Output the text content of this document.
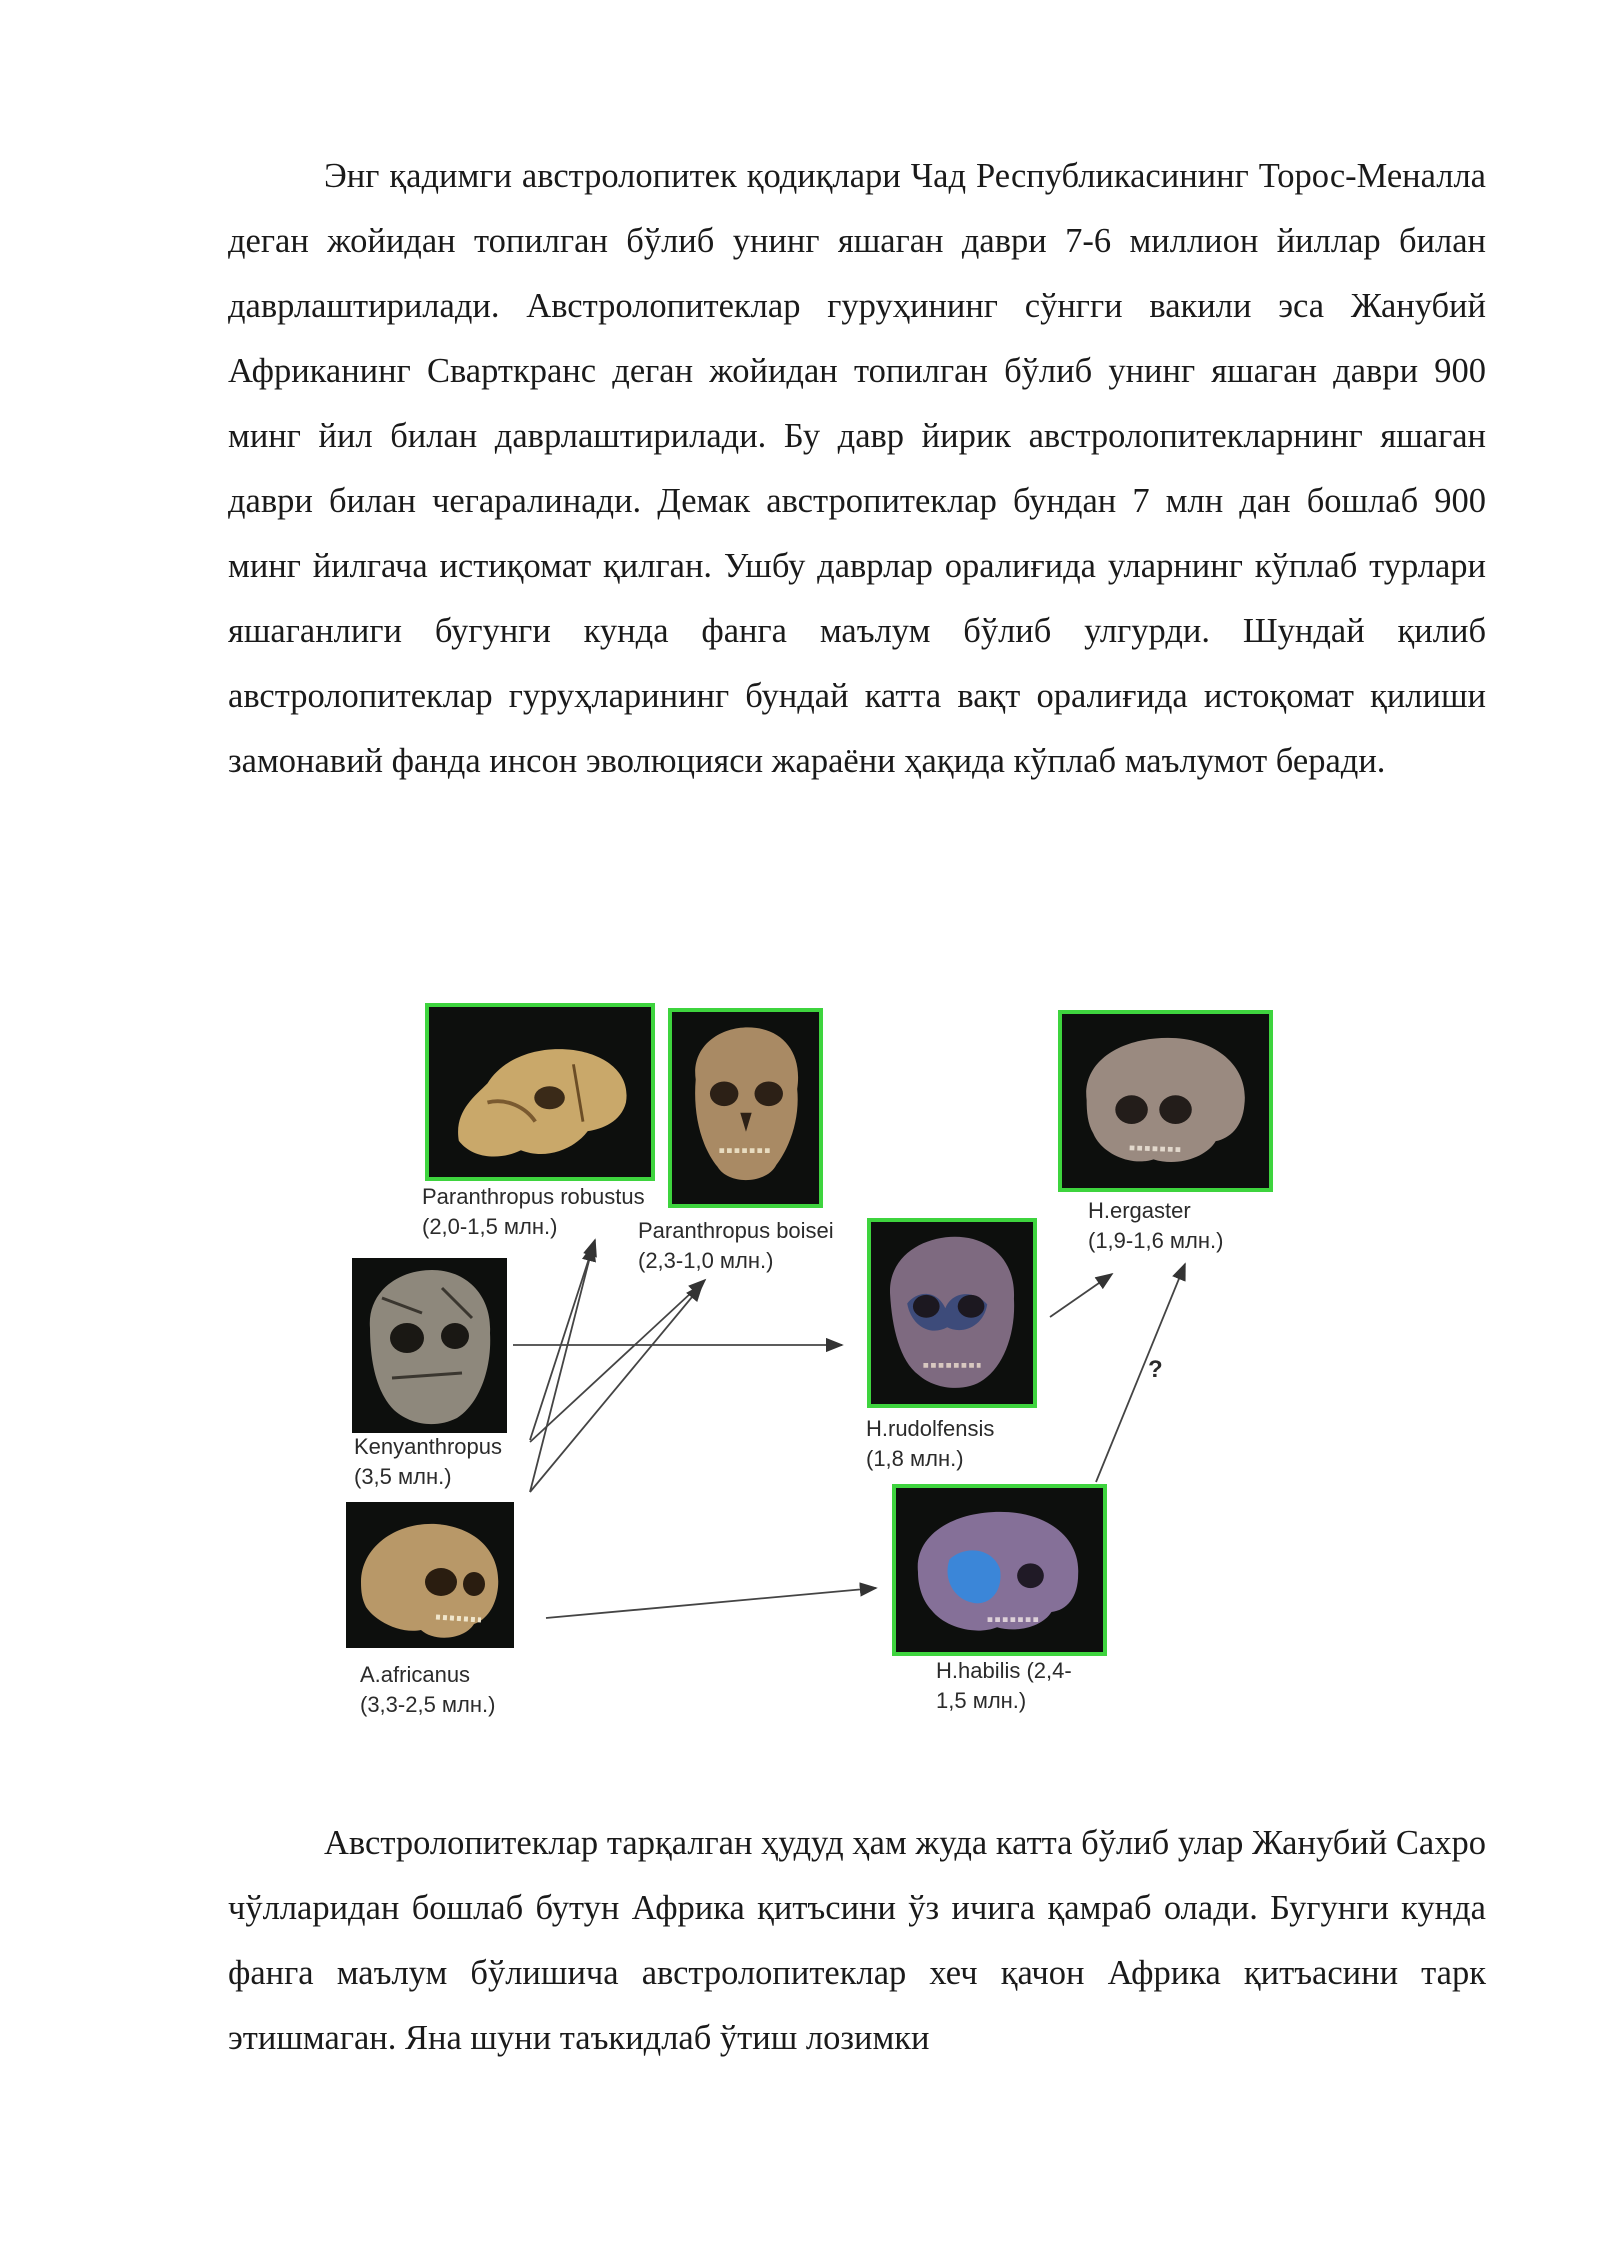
Энг қадимги австролопитек қодиқлари Чад Республикасининг Торос-Меналла деган жойидан топилган бўлиб унинг яшаган даври 7-6 миллион йиллар билан даврлаштирилади. Австролопитеклар гуруҳининг сўнгги вакили эса Жанубий Африканинг Сварткранс деган жойидан топилган бўлиб унинг яшаган даври 900 минг йил билан даврлаштирилади. Бу давр йирик австролопитекларнинг яшаган даври билан чегаралинади. Демак австропитеклар бундан 7 млн дан бошлаб 900 минг йилгача истиқомат қилган. Ушбу даврлар оралиғида уларнинг кўплаб турлари яшаганлиги бугунги кунда фанга маълум бўлиб улгурди. Шундай қилиб австролопитеклар гуруҳларининг бундай катта вақт оралиғида истоқомат қилиши замонавий фанда инсон эволюцияси жараёни ҳақида кўплаб маълумот беради.

Paranthropus robustus
(2,0-1,5 млн.)	Paranthropus boisei
(2,3-1,0 млн.)
Kenyanthropus
(3,5 млн.)
A.africanus
(3,3-2,5 млн.)
H.rudolfensis
(1,8 млн.)
H.ergaster
(1,9-1,6 млн.)
?
H.habilis (2,4-
1,5 млн.)

Австролопитеклар тарқалган ҳудуд ҳам жуда катта бўлиб улар Жанубий Сахро чўлларидан бошлаб бутун Африка қитъсини ўз ичига қамраб олади. Бугунги кунда фанга маълум бўлишича австролопитеклар хеч қачон Африка қитъасини тарк этишмаган. Яна шуни таъкидлаб ўтиш лозимки
